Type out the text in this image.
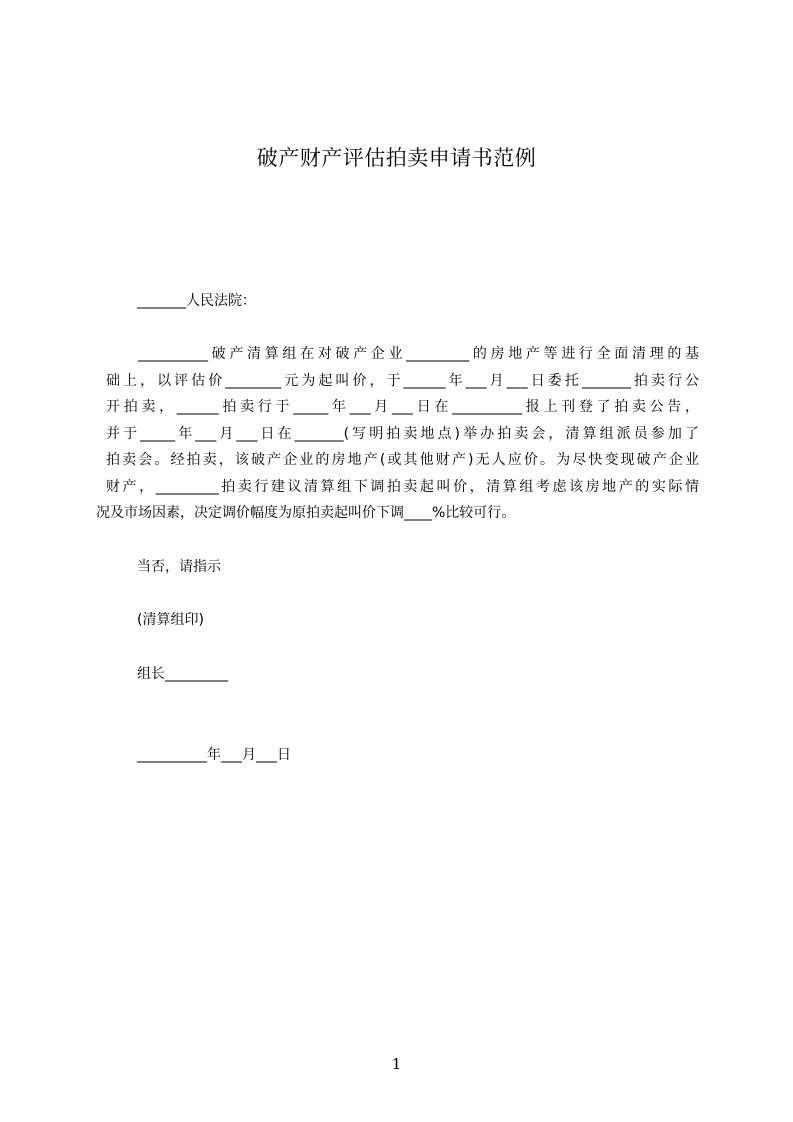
破产财产评估拍卖申请书范例
_______人民法院：
__________破产清算组在对破产企业_________的房地产等进行全面清理的基
础上，以评估价________元为起叫价，于______年___月___日委托_______拍卖行公
开拍卖，______拍卖行于_____年___月___日在__________报上刊登了拍卖公告，
并于_____年___月___日在_______(写明拍卖地点)举办拍卖会，清算组派员参加了
拍卖会。经拍卖，该破产企业的房地产(或其他财产)无人应价。为尽快变现破产企业
财产，_________拍卖行建议清算组下调拍卖起叫价，清算组考虑该房地产的实际情
况及市场因素，决定调价幅度为原拍卖起叫价下调____%比较可行。
当否，请指示
(清算组印)
组长_________
__________年___月___日
1
